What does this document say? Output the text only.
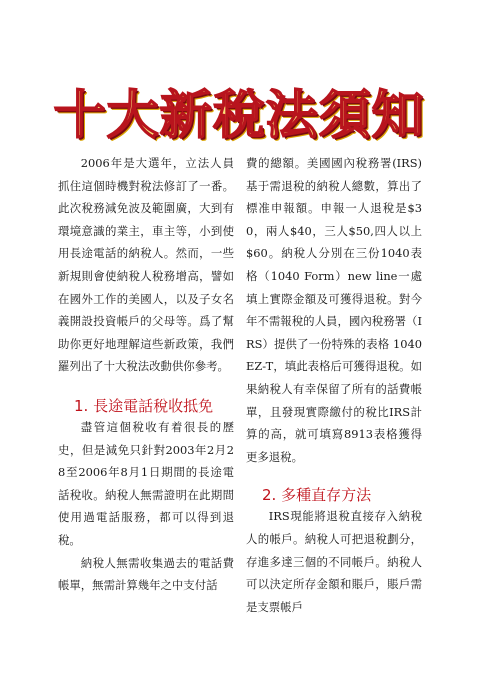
十大新稅法須知

2006年是大選年，立法人員抓住這個時機對稅法修訂了一番。此次稅務減免波及範圍廣，大到有環境意識的業主，車主等，小到使用長途電話的納稅人。然而，一些新規則會使納稅人稅務增高，譬如在國外工作的美國人，以及子女名義開設投資帳戶的父母等。爲了幫助你更好地理解這些新政策，我們羅列出了十大稅法改動供你參考。

1. 長途電話稅收抵免

盡管這個稅收有着很長的歷史，但是減免只針對2003年2月28至2006年8月1日期間的長途電話稅收。納稅人無需證明在此期間使用過電話服務，都可以得到退稅。

納稅人無需收集過去的電話費帳單，無需計算幾年之中支付話

費的總額。美國國內稅務署(IRS)基于需退稅的納稅人總數，算出了標准申報額。申報一人退稅是$30，兩人$40，三人$50,四人以上$60。納稅人分別在三份1040表格（1040 Form）new line一處填上實際金額及可獲得退稅。對今年不需報稅的人員，國內稅務署（IRS）提供了一份特殊的表格 1040EZ-T，填此表格后可獲得退稅。如果納稅人有幸保留了所有的話費帳單，且發現實際繳付的稅比IRS計算的高，就可填寫8913表格獲得更多退稅。

2. 多種直存方法

IRS現能將退稅直接存入納稅人的帳戶。納稅人可把退稅劃分，存進多達三個的不同帳戶。納稅人可以決定所存金額和賬戶，賬戶需是支票帳戶
